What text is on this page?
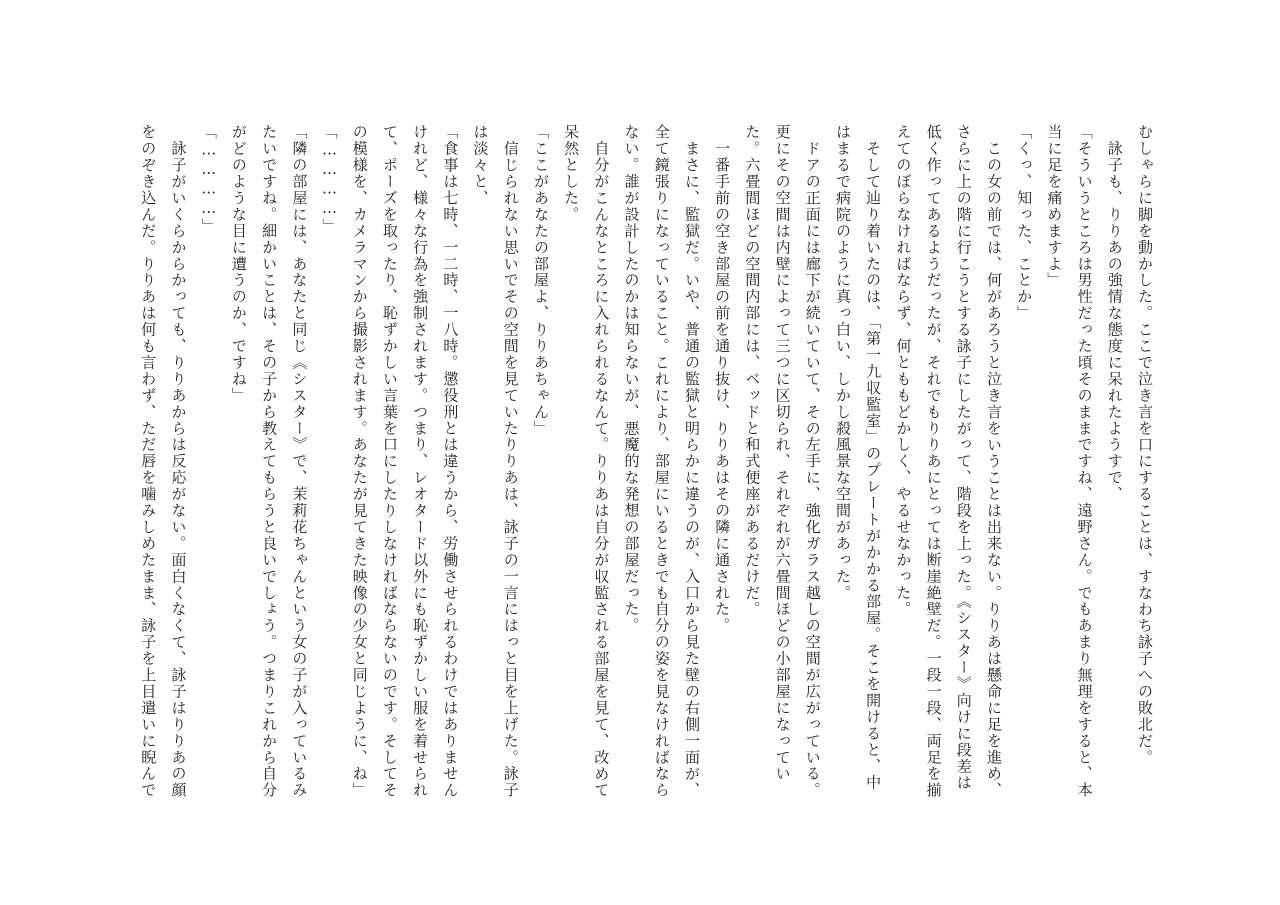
むしゃらに脚を動かした。ここで泣き言を口にすることは、すなわち詠子への敗北だ。

　詠子も、りりあの強情な態度に呆れたようすで、

「そういうところは男性だった頃そのままですね、遠野さん。でもあまり無理をすると、本

当に足を痛めますよ」

「くっ、知った、ことか」

　この女の前では、何があろうと泣き言をいうことは出来ない。りりあは懸命に足を進め、

さらに上の階に行こうとする詠子にしたがって、階段を上った。《シスター》向けに段差は

低く作ってあるようだったが、それでもりりあにとっては断崖絶壁だ。一段一段、両足を揃

えてのぼらなければならず、何とももどかしく、やるせなかった。

　そして辿り着いたのは、「第一九収監室」のプレートがかかる部屋。そこを開けると、中

はまるで病院のように真っ白い、しかし殺風景な空間があった。

　ドアの正面には廊下が続いていて、その左手に、強化ガラス越しの空間が広がっている。

更にその空間は内壁によって三つに区切られ、それぞれが六畳間ほどの小部屋になってい

た。六畳間ほどの空間内部には、ベッドと和式便座があるだけだ。

　一番手前の空き部屋の前を通り抜け、りりあはその隣に通された。

　まさに、監獄だ。いや、普通の監獄と明らかに違うのが、入口から見た壁の右側一面が、

全て鏡張りになっていること。これにより、部屋にいるときでも自分の姿を見なければなら

ない。誰が設計したのかは知らないが、悪魔的な発想の部屋だった。

　自分がこんなところに入れられるなんて。りりあは自分が収監される部屋を見て、改めて

呆然とした。

「ここがあなたの部屋よ、りりあちゃん」

　信じられない思いでその空間を見ていたりりあは、詠子の一言にはっと目を上げた。詠子

は淡々と、

「食事は七時、一二時、一八時。懲役刑とは違うから、労働させられるわけではありません

けれど、様々な行為を強制されます。つまり、レオタード以外にも恥ずかしい服を着せられ

て、ポーズを取ったり、恥ずかしい言葉を口にしたりしなければならないのです。そしてそ

の模様を、カメラマンから撮影されます。あなたが見てきた映像の少女と同じように、ね」

「…………」

「隣の部屋には、あなたと同じ《シスター》で、茉莉花ちゃんという女の子が入っているみ

たいですね。細かいことは、その子から教えてもらうと良いでしょう。つまりこれから自分

がどのような目に遭うのか、ですね」

「…………」

　詠子がいくらからかっても、りりあからは反応がない。面白くなくて、詠子はりりあの顔

をのぞき込んだ。りりあは何も言わず、ただ唇を噛みしめたまま、詠子を上目遣いに睨んで
